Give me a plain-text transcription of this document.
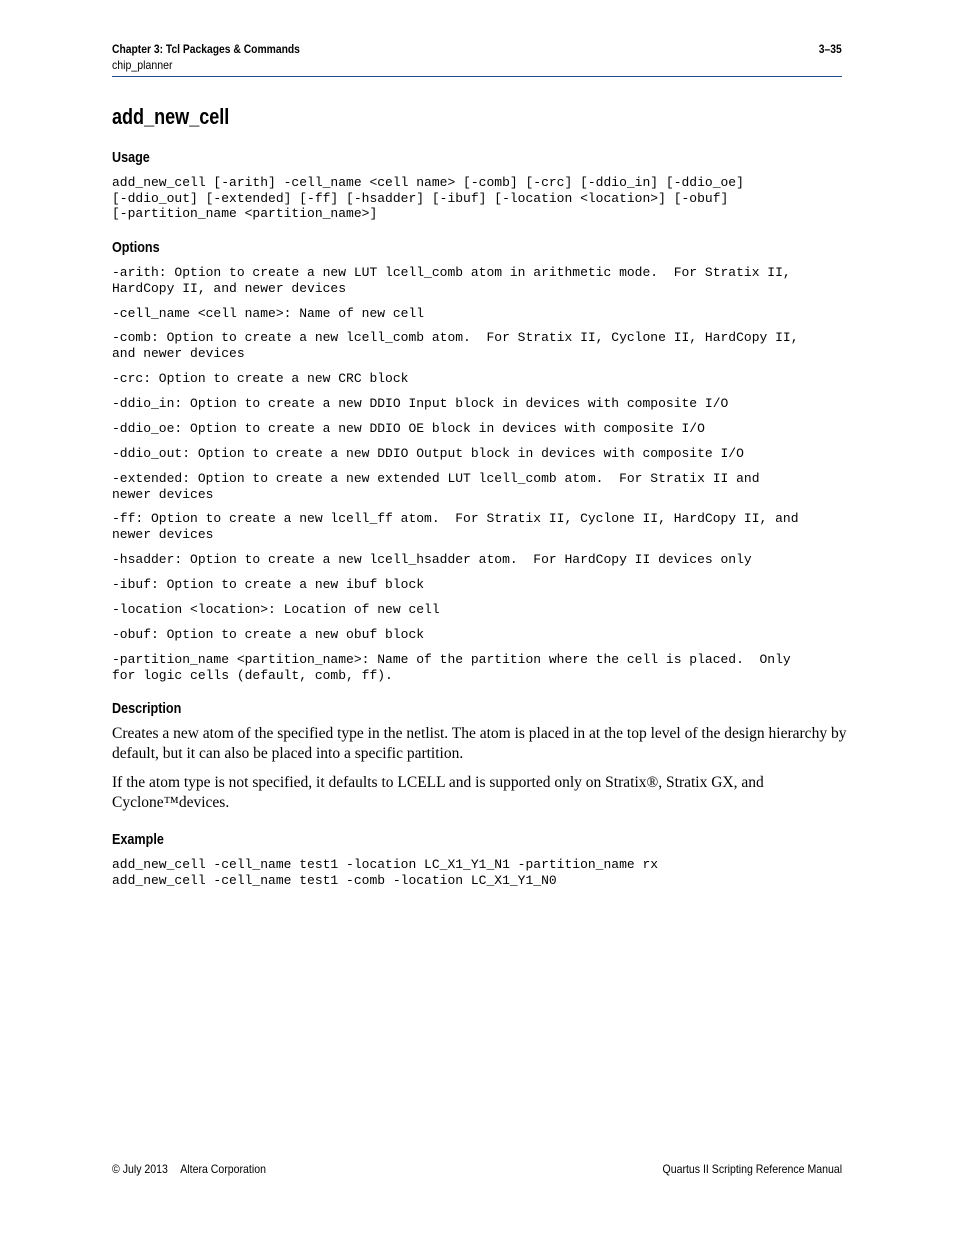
Chapter 3: Tcl Packages & Commands	3–35
chip_planner
add_new_cell
Usage
add_new_cell [-arith] -cell_name <cell name> [-comb] [-crc] [-ddio_in] [-ddio_oe]
[-ddio_out] [-extended] [-ff] [-hsadder] [-ibuf] [-location <location>] [-obuf]
[-partition_name <partition_name>]
Options
-arith: Option to create a new LUT lcell_comb atom in arithmetic mode.  For Stratix II,
HardCopy II, and newer devices
-cell_name <cell name>: Name of new cell
-comb: Option to create a new lcell_comb atom.  For Stratix II, Cyclone II, HardCopy II,
and newer devices
-crc: Option to create a new CRC block
-ddio_in: Option to create a new DDIO Input block in devices with composite I/O
-ddio_oe: Option to create a new DDIO OE block in devices with composite I/O
-ddio_out: Option to create a new DDIO Output block in devices with composite I/O
-extended: Option to create a new extended LUT lcell_comb atom.  For Stratix II and
newer devices
-ff: Option to create a new lcell_ff atom.  For Stratix II, Cyclone II, HardCopy II, and
newer devices
-hsadder: Option to create a new lcell_hsadder atom.  For HardCopy II devices only
-ibuf: Option to create a new ibuf block
-location <location>: Location of new cell
-obuf: Option to create a new obuf block
-partition_name <partition_name>: Name of the partition where the cell is placed.  Only
for logic cells (default, comb, ff).
Description

Creates a new atom of the specified type in the netlist. The atom is placed in at the top level of the design hierarchy by default, but it can also be placed into a specific partition.

If the atom type is not specified, it defaults to LCELL and is supported only on Stratix®, Stratix GX, and Cyclone™devices.

Example
add_new_cell -cell_name test1 -location LC_X1_Y1_N1 -partition_name rx
add_new_cell -cell_name test1 -comb -location LC_X1_Y1_N0
© July 2013 Altera Corporation	Quartus II Scripting Reference Manual
